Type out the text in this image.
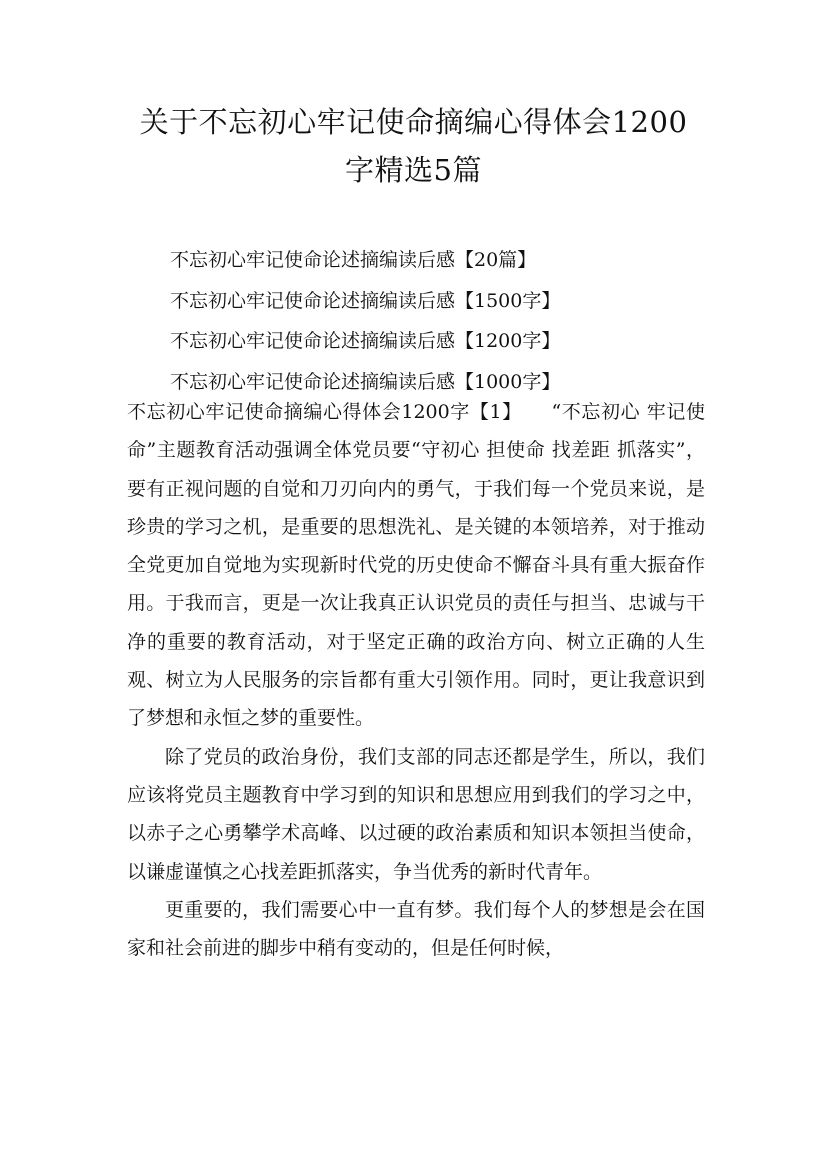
关于不忘初心牢记使命摘编心得体会1200
字精选5篇
不忘初心牢记使命论述摘编读后感【20篇】
不忘初心牢记使命论述摘编读后感【1500字】
不忘初心牢记使命论述摘编读后感【1200字】
不忘初心牢记使命论述摘编读后感【1000字】

不忘初心牢记使命摘编心得体会1200字【1】　　“不忘初心 牢记使命”主题教育活动强调全体党员要“守初心 担使命 找差距 抓落实”，要有正视问题的自觉和刀刃向内的勇气，于我们每一个党员来说，是珍贵的学习之机，是重要的思想洗礼、是关键的本领培养，对于推动全党更加自觉地为实现新时代党的历史使命不懈奋斗具有重大振奋作用。于我而言，更是一次让我真正认识党员的责任与担当、忠诚与干净的重要的教育活动，对于坚定正确的政治方向、树立正确的人生观、树立为人民服务的宗旨都有重大引领作用。同时，更让我意识到了梦想和永恒之梦的重要性。

除了党员的政治身份，我们支部的同志还都是学生，所以，我们应该将党员主题教育中学习到的知识和思想应用到我们的学习之中，以赤子之心勇攀学术高峰、以过硬的政治素质和知识本领担当使命，以谦虚谨慎之心找差距抓落实，争当优秀的新时代青年。

更重要的，我们需要心中一直有梦。我们每个人的梦想是会在国家和社会前进的脚步中稍有变动的，但是任何时候，
